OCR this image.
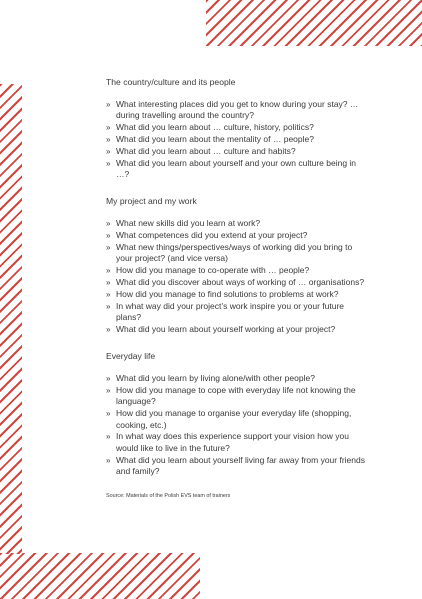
The country/culture and its people
» What interesting places did you get to know during your stay? … during travelling around the country?
» What did you learn about … culture, history, politics?
» What did you learn about the mentality of … people?
» What did you learn about … culture and habits?
» What did you learn about yourself and your own culture being in …?
My project and my work
» What new skills did you learn at work?
» What competences did you extend at your project?
» What new things/perspectives/ways of working did you bring to your project? (and vice versa)
» How did you manage to co-operate with … people?
» What did you discover about ways of working of … organisations?
» How did you manage to find solutions to problems at work?
» In what way did your project’s work inspire you or your future plans?
» What did you learn about yourself working at your project?
Everyday life
» What did you learn by living alone/with other people?
» How did you manage to cope with everyday life not knowing the language?
» How did you manage to organise your everyday life (shopping, cooking, etc.)
» In what way does this experience support your vision how you would like to live in the future?
» What did you learn about yourself living far away from your friends and family?
Source: Materials of the Polish EVS team of trainers
